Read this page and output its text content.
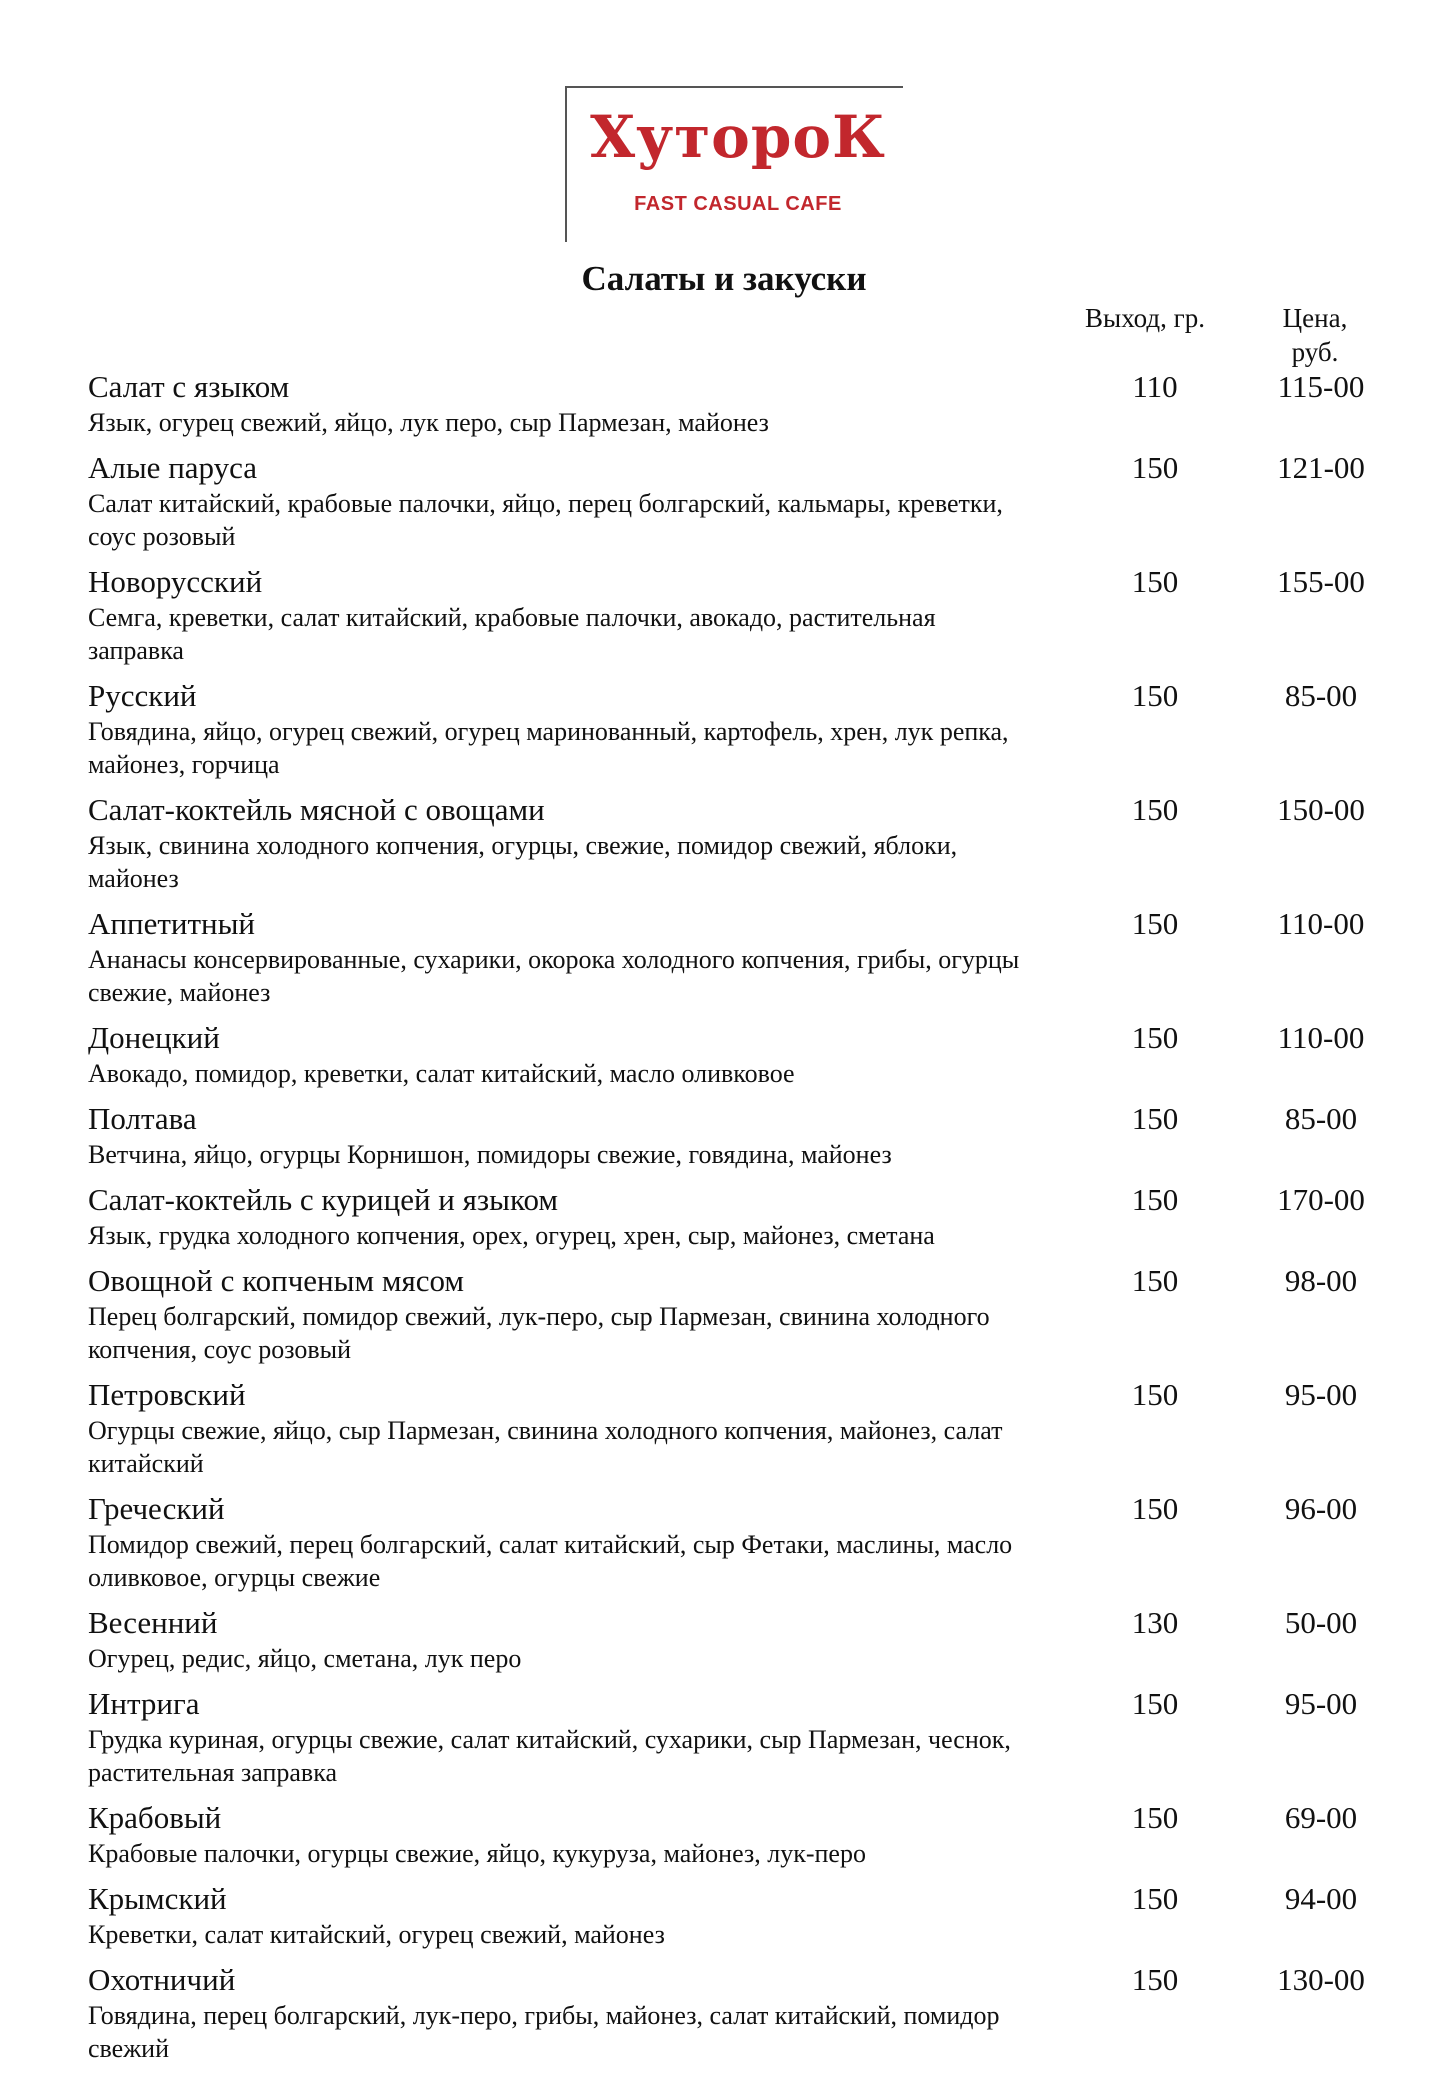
ХутороК
FAST CASUAL CAFE
Салаты и закуски
Выход, гр.	Цена,
руб.
Салат с языком	110	115-00
Язык, огурец свежий, яйцо, лук перо, сыр Пармезан, майонез
Алые паруса	150	121-00
Салат китайский, крабовые палочки, яйцо, перец болгарский, кальмары, креветки, соус розовый
Новорусский	150	155-00
Семга, креветки, салат китайский, крабовые палочки, авокадо, растительная заправка
Русский	150	85-00
Говядина, яйцо, огурец свежий, огурец маринованный, картофель, хрен, лук репка, майонез, горчица
Салат-коктейль мясной с овощами	150	150-00
Язык, свинина холодного копчения, огурцы, свежие, помидор свежий, яблоки, майонез
Аппетитный	150	110-00
Ананасы консервированные, сухарики, окорока холодного копчения, грибы, огурцы свежие, майонез
Донецкий	150	110-00
Авокадо, помидор, креветки, салат китайский, масло оливковое
Полтава	150	85-00
Ветчина, яйцо, огурцы Корнишон, помидоры свежие, говядина, майонез
Салат-коктейль с курицей и языком	150	170-00
Язык, грудка холодного копчения, орех, огурец, хрен, сыр, майонез, сметана
Овощной с копченым мясом	150	98-00
Перец болгарский, помидор свежий, лук-перо, сыр Пармезан, свинина холодного копчения, соус розовый
Петровский	150	95-00
Огурцы свежие, яйцо, сыр Пармезан, свинина холодного копчения, майонез, салат китайский
Греческий	150	96-00
Помидор свежий, перец болгарский, салат китайский, сыр Фетаки, маслины, масло оливковое, огурцы свежие
Весенний	130	50-00
Огурец, редис, яйцо, сметана, лук перо
Интрига	150	95-00
Грудка куриная, огурцы свежие, салат китайский, сухарики, сыр Пармезан, чеснок, растительная заправка
Крабовый	150	69-00
Крабовые палочки, огурцы свежие, яйцо, кукуруза, майонез, лук-перо
Крымский	150	94-00
Креветки, салат китайский, огурец свежий, майонез
Охотничий	150	130-00
Говядина, перец болгарский, лук-перо, грибы, майонез, салат китайский, помидор свежий
